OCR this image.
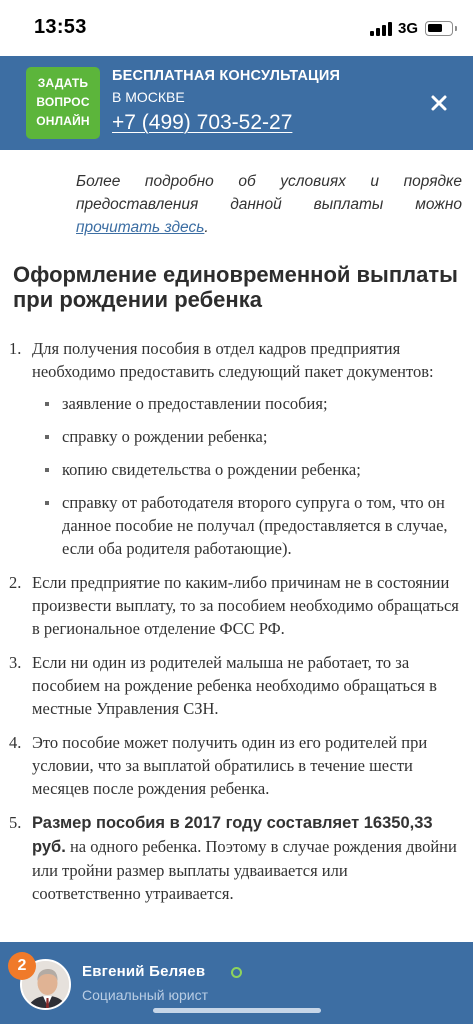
13:53	3G
ЗАДАТЬ
ВОПРОС
ОНЛАЙН
БЕСПЛАТНАЯ КОНСУЛЬТАЦИЯ
В МОСКВЕ
+7 (499) 703-52-27

Более подробно об условиях и порядке предоставления данной выплаты можно прочитать здесь.

Оформление единовременной выплаты при рождении ребенка
1. Для получения пособия в отдел кадров предприятия необходимо предоставить следующий пакет документов:
заявление о предоставлении пособия;
справку о рождении ребенка;
копию свидетельства о рождении ребенка;
справку от работодателя второго супруга о том, что он данное пособие не получал (предоставляется в случае, если оба родителя работающие).
2. Если предприятие по каким-либо причинам не в состоянии произвести выплату, то за пособием необходимо обращаться в региональное отделение ФСС РФ.
3. Если ни один из родителей малыша не работает, то за пособием на рождение ребенка необходимо обращаться в местные Управления СЗН.
4. Это пособие может получить один из его родителей при условии, что за выплатой обратились в течение шести месяцев после рождения ребенка.
5. Размер пособия в 2017 году составляет 16350,33 руб. на одного ребенка. Поэтому в случае рождения двойни или тройни размер выплаты удваивается или соответственно утраивается.
2	Евгений Беляев
Социальный юрист
